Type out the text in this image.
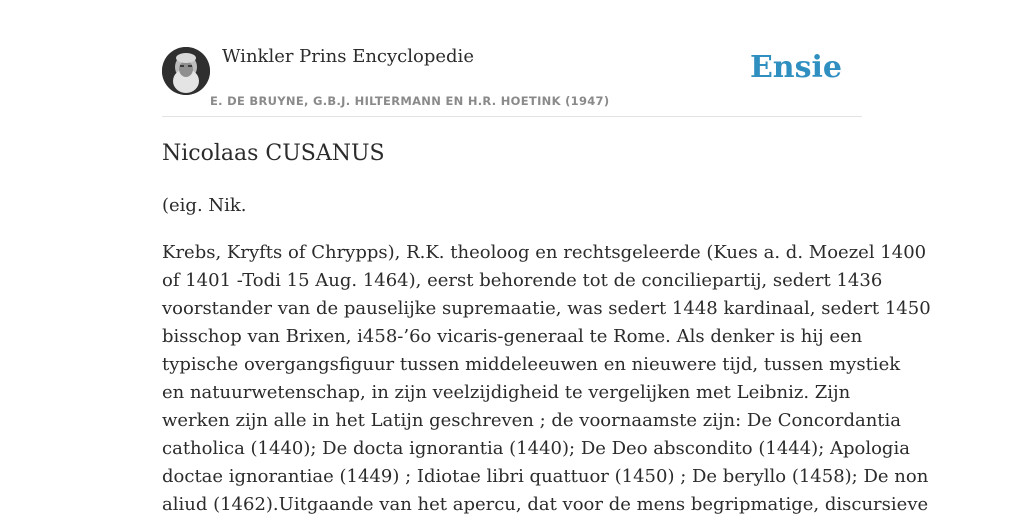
Winkler Prins Encyclopedie
E. DE BRUYNE, G.B.J. HILTERMANN EN H.R. HOETINK (1947)
Ensie
Nicolaas CUSANUS

(eig. Nik.

Krebs, Kryfts of Chrypps), R.K. theoloog en rechtsgeleerde (Kues a. d. Moezel 1400
of 1401 -Todi 15 Aug. 1464), eerst behorende tot de conciliepartij, sedert 1436
voorstander van de pauselijke supremaatie, was sedert 1448 kardinaal, sedert 1450
bisschop van Brixen, i458-’6o vicaris-generaal te Rome. Als denker is hij een
typische overgangsfiguur tussen middeleeuwen en nieuwere tijd, tussen mystiek
en natuurwetenschap, in zijn veelzijdigheid te vergelijken met Leibniz. Zijn
werken zijn alle in het Latijn geschreven ; de voornaamste zijn: De Concordantia
catholica (1440); De docta ignorantia (1440); De Deo abscondito (1444); Apologia
doctae ignorantiae (1449) ; Idiotae libri quattuor (1450) ; De beryllo (1458); De non
aliud (1462).Uitgaande van het apercu, dat voor de mens begripmatige, discursieve
